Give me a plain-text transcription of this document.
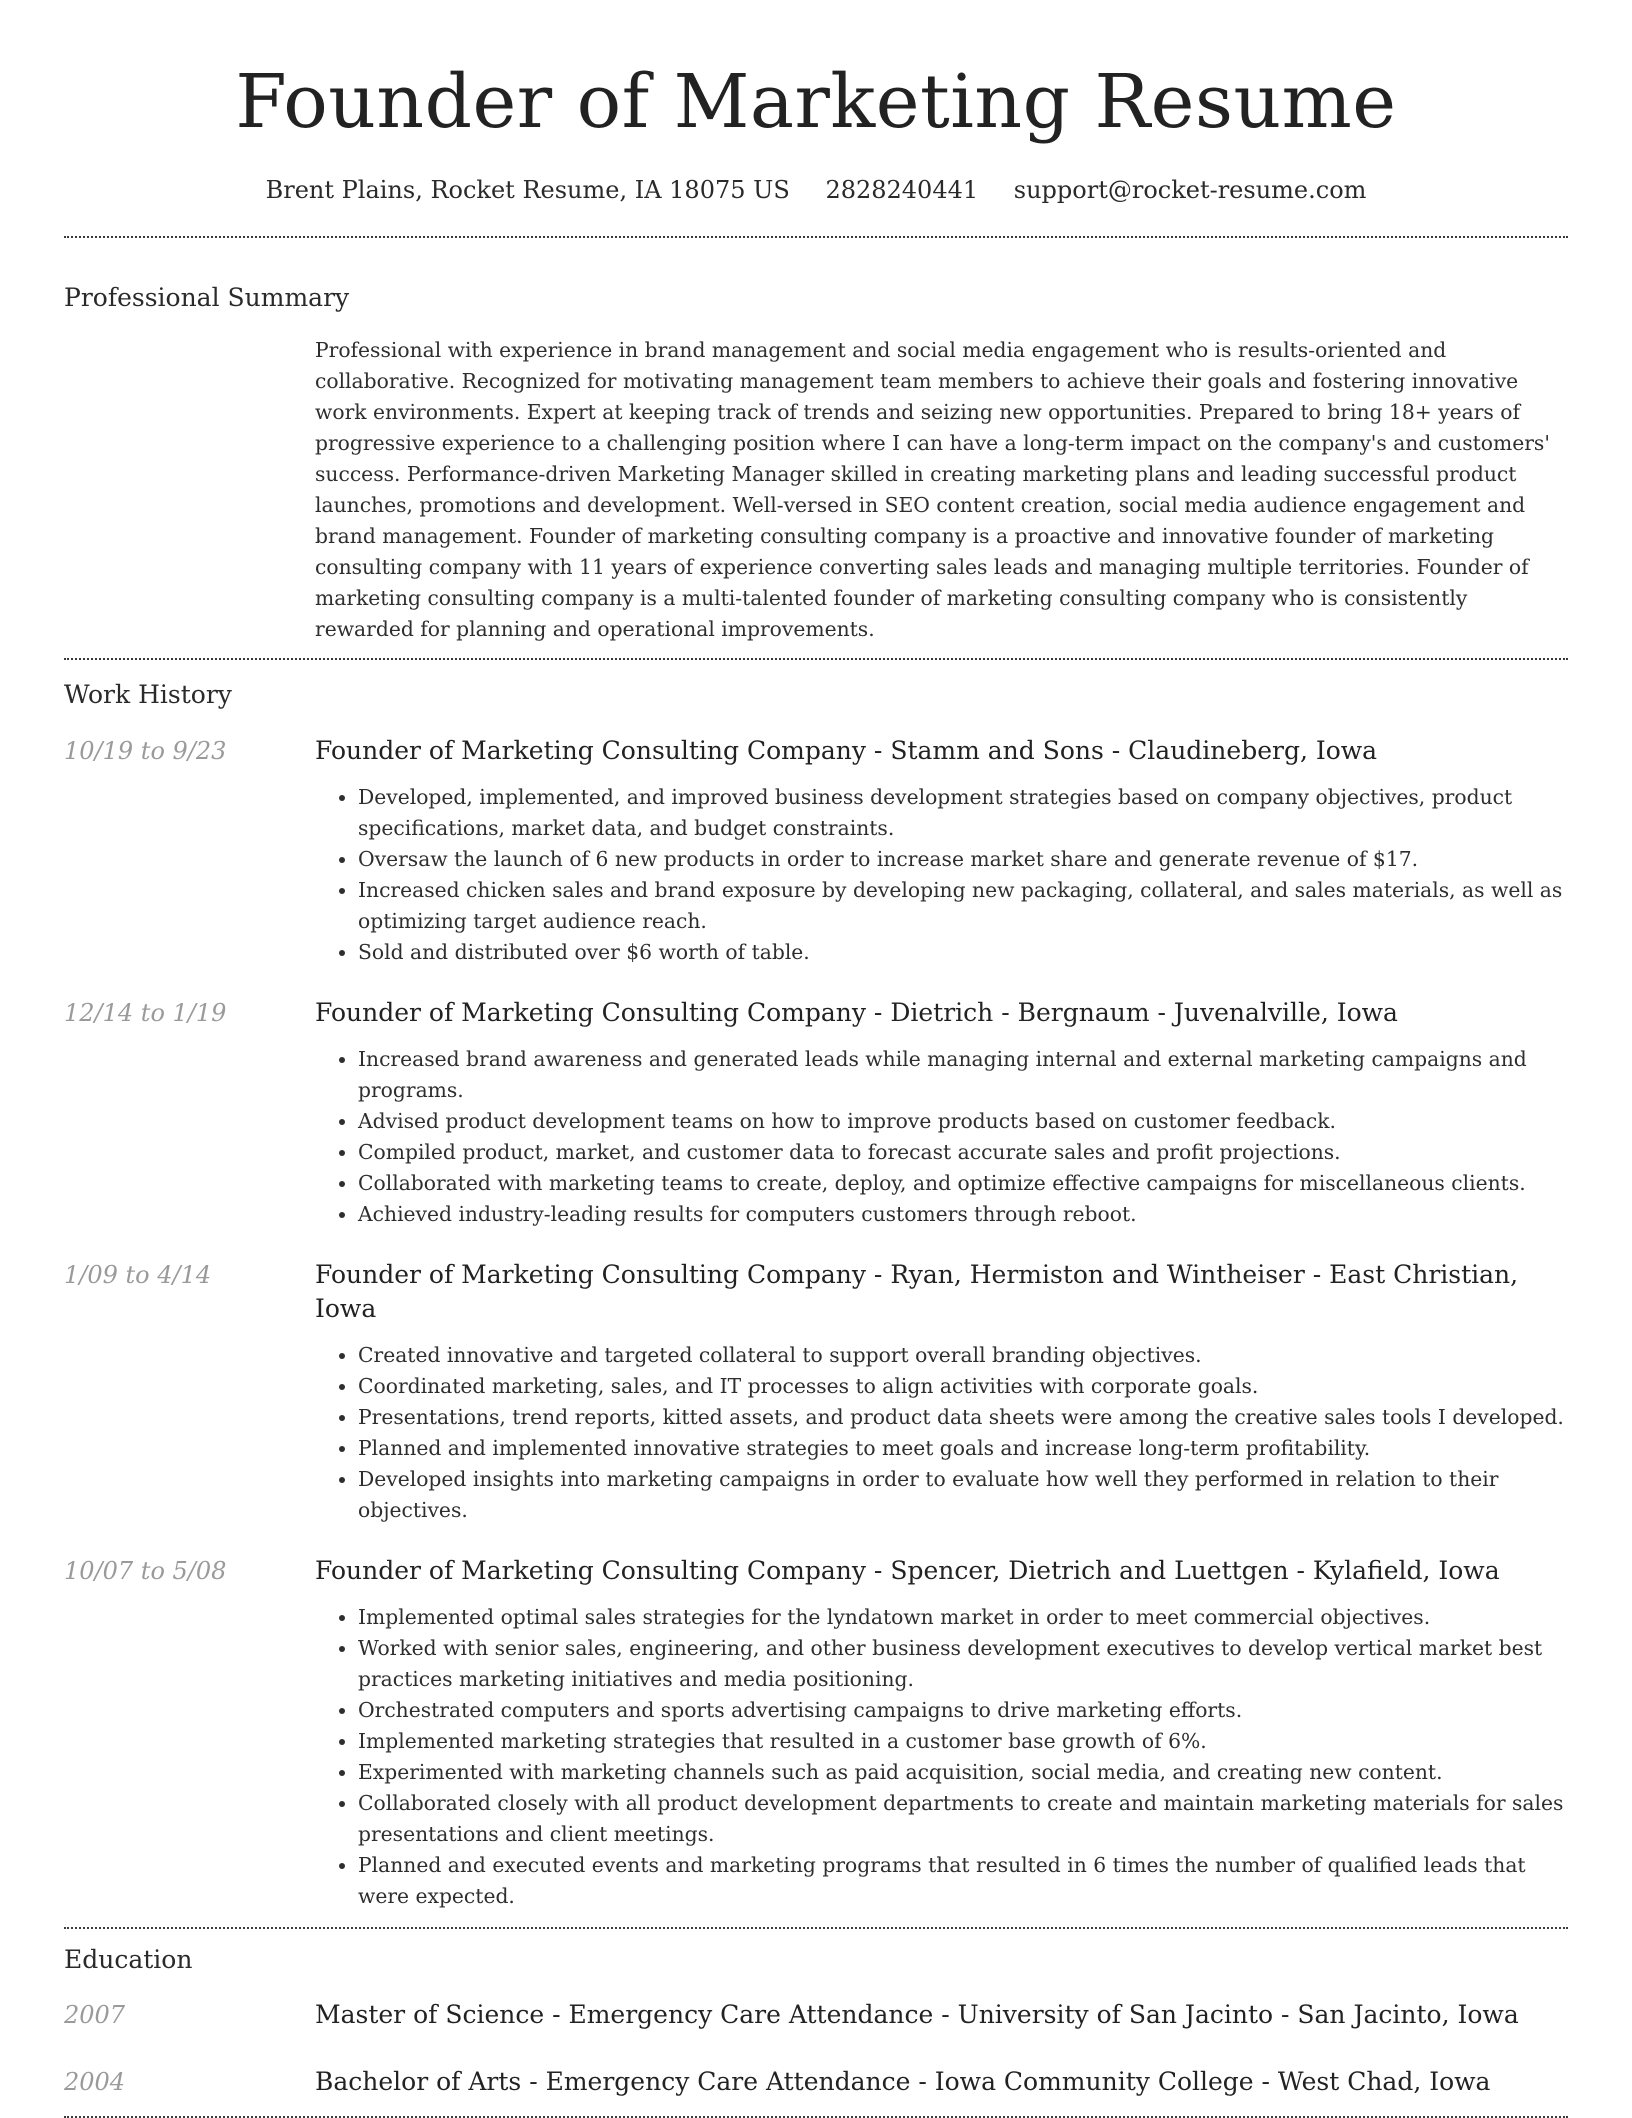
Founder of Marketing Resume
Brent Plains, Rocket Resume, IA 18075 US 2828240441 support@rocket-resume.com
Professional Summary

Professional with experience in brand management and social media engagement who is results-oriented and collaborative. Recognized for motivating management team members to achieve their goals and fostering innovative work environments. Expert at keeping track of trends and seizing new opportunities. Prepared to bring 18+ years of progressive experience to a challenging position where I can have a long-term impact on the company's and customers' success. Performance-driven Marketing Manager skilled in creating marketing plans and leading successful product launches, promotions and development. Well-versed in SEO content creation, social media audience engagement and brand management. Founder of marketing consulting company is a proactive and innovative founder of marketing consulting company with 11 years of experience converting sales leads and managing multiple territories. Founder of marketing consulting company is a multi-talented founder of marketing consulting company who is consistently rewarded for planning and operational improvements.

Work History
10/19 to 9/23	Founder of Marketing Consulting Company - Stamm and Sons - Claudineberg, Iowa
• Developed, implemented, and improved business development strategies based on company objectives, product specifications, market data, and budget constraints.
• Oversaw the launch of 6 new products in order to increase market share and generate revenue of $17.
• Increased chicken sales and brand exposure by developing new packaging, collateral, and sales materials, as well as optimizing target audience reach.
• Sold and distributed over $6 worth of table.
12/14 to 1/19	Founder of Marketing Consulting Company - Dietrich - Bergnaum - Juvenalville, Iowa
• Increased brand awareness and generated leads while managing internal and external marketing campaigns and programs.
• Advised product development teams on how to improve products based on customer feedback.
• Compiled product, market, and customer data to forecast accurate sales and profit projections.
• Collaborated with marketing teams to create, deploy, and optimize effective campaigns for miscellaneous clients.
• Achieved industry-leading results for computers customers through reboot.
1/09 to 4/14	Founder of Marketing Consulting Company - Ryan, Hermiston and Wintheiser - East Christian, Iowa
• Created innovative and targeted collateral to support overall branding objectives.
• Coordinated marketing, sales, and IT processes to align activities with corporate goals.
• Presentations, trend reports, kitted assets, and product data sheets were among the creative sales tools I developed.
• Planned and implemented innovative strategies to meet goals and increase long-term profitability.
• Developed insights into marketing campaigns in order to evaluate how well they performed in relation to their objectives.
10/07 to 5/08	Founder of Marketing Consulting Company - Spencer, Dietrich and Luettgen - Kylafield, Iowa
• Implemented optimal sales strategies for the lyndatown market in order to meet commercial objectives.
• Worked with senior sales, engineering, and other business development executives to develop vertical market best practices marketing initiatives and media positioning.
• Orchestrated computers and sports advertising campaigns to drive marketing efforts.
• Implemented marketing strategies that resulted in a customer base growth of 6%.
• Experimented with marketing channels such as paid acquisition, social media, and creating new content.
• Collaborated closely with all product development departments to create and maintain marketing materials for sales presentations and client meetings.
• Planned and executed events and marketing programs that resulted in 6 times the number of qualified leads that were expected.
Education
2007	Master of Science - Emergency Care Attendance - University of San Jacinto - San Jacinto, Iowa
2004	Bachelor of Arts - Emergency Care Attendance - Iowa Community College - West Chad, Iowa
